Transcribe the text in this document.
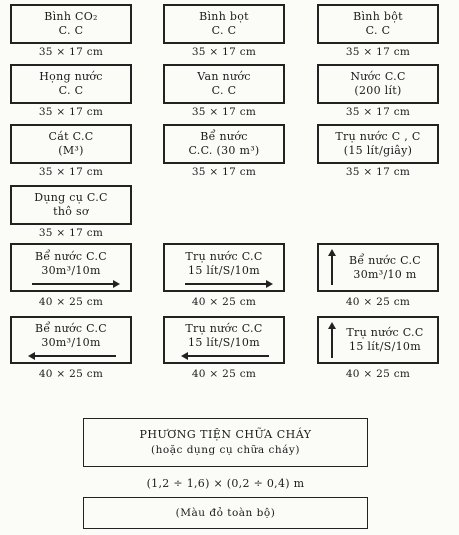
Bình CO₂
C. C
35 × 17 cm
Bình bọt
C. C
35 × 17 cm
Bình bột
C. C
35 × 17 cm
Họng nước
C. C
35 × 17 cm
Van nước
C. C
35 × 17 cm
Nước C.C
(200 lít)
35 × 17 cm
Cát C.C
(M³)
35 × 17 cm
Bể nước
C.C. (30 m³)
35 × 17 cm
Trụ nước C , C
(15 lít/giây)
35 × 17 cm
Dụng cụ C.C
thô sơ
35 × 17 cm
Bể nước C.C
30m³/10m
40 × 25 cm
Trụ nước C.C
15 lít/S/10m
40 × 25 cm
Bể nước C.C
30m³/10 m
40 × 25 cm
Bể nước C.C
30m³/10m
40 × 25 cm
Trụ nước C.C
15 lít/S/10m
40 × 25 cm
Trụ nước C.C
15 lít/S/10m
40 × 25 cm
PHƯƠNG TIỆN CHỮA CHÁY
(hoặc dụng cụ chữa cháy)
(1,2 ÷ 1,6) × (0,2 ÷ 0,4) m
(Màu đỏ toàn bộ)
